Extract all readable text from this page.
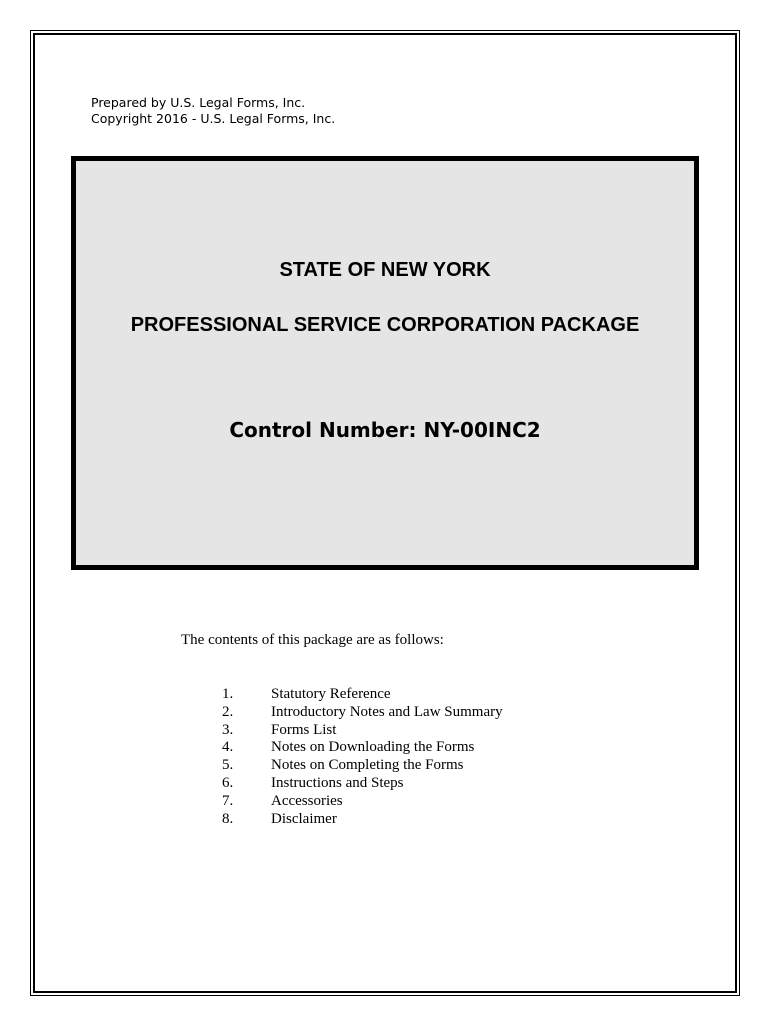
Prepared by U.S. Legal Forms, Inc.
Copyright 2016 - U.S. Legal Forms, Inc.
STATE OF NEW YORK
PROFESSIONAL SERVICE CORPORATION PACKAGE
Control Number: NY-00INC2
The contents of this package are as follows:
1.	Statutory Reference
2.	Introductory Notes and Law Summary
3.	Forms List
4.	Notes on Downloading the Forms
5.	Notes on Completing the Forms
6.	Instructions and Steps
7.	Accessories
8.	Disclaimer
